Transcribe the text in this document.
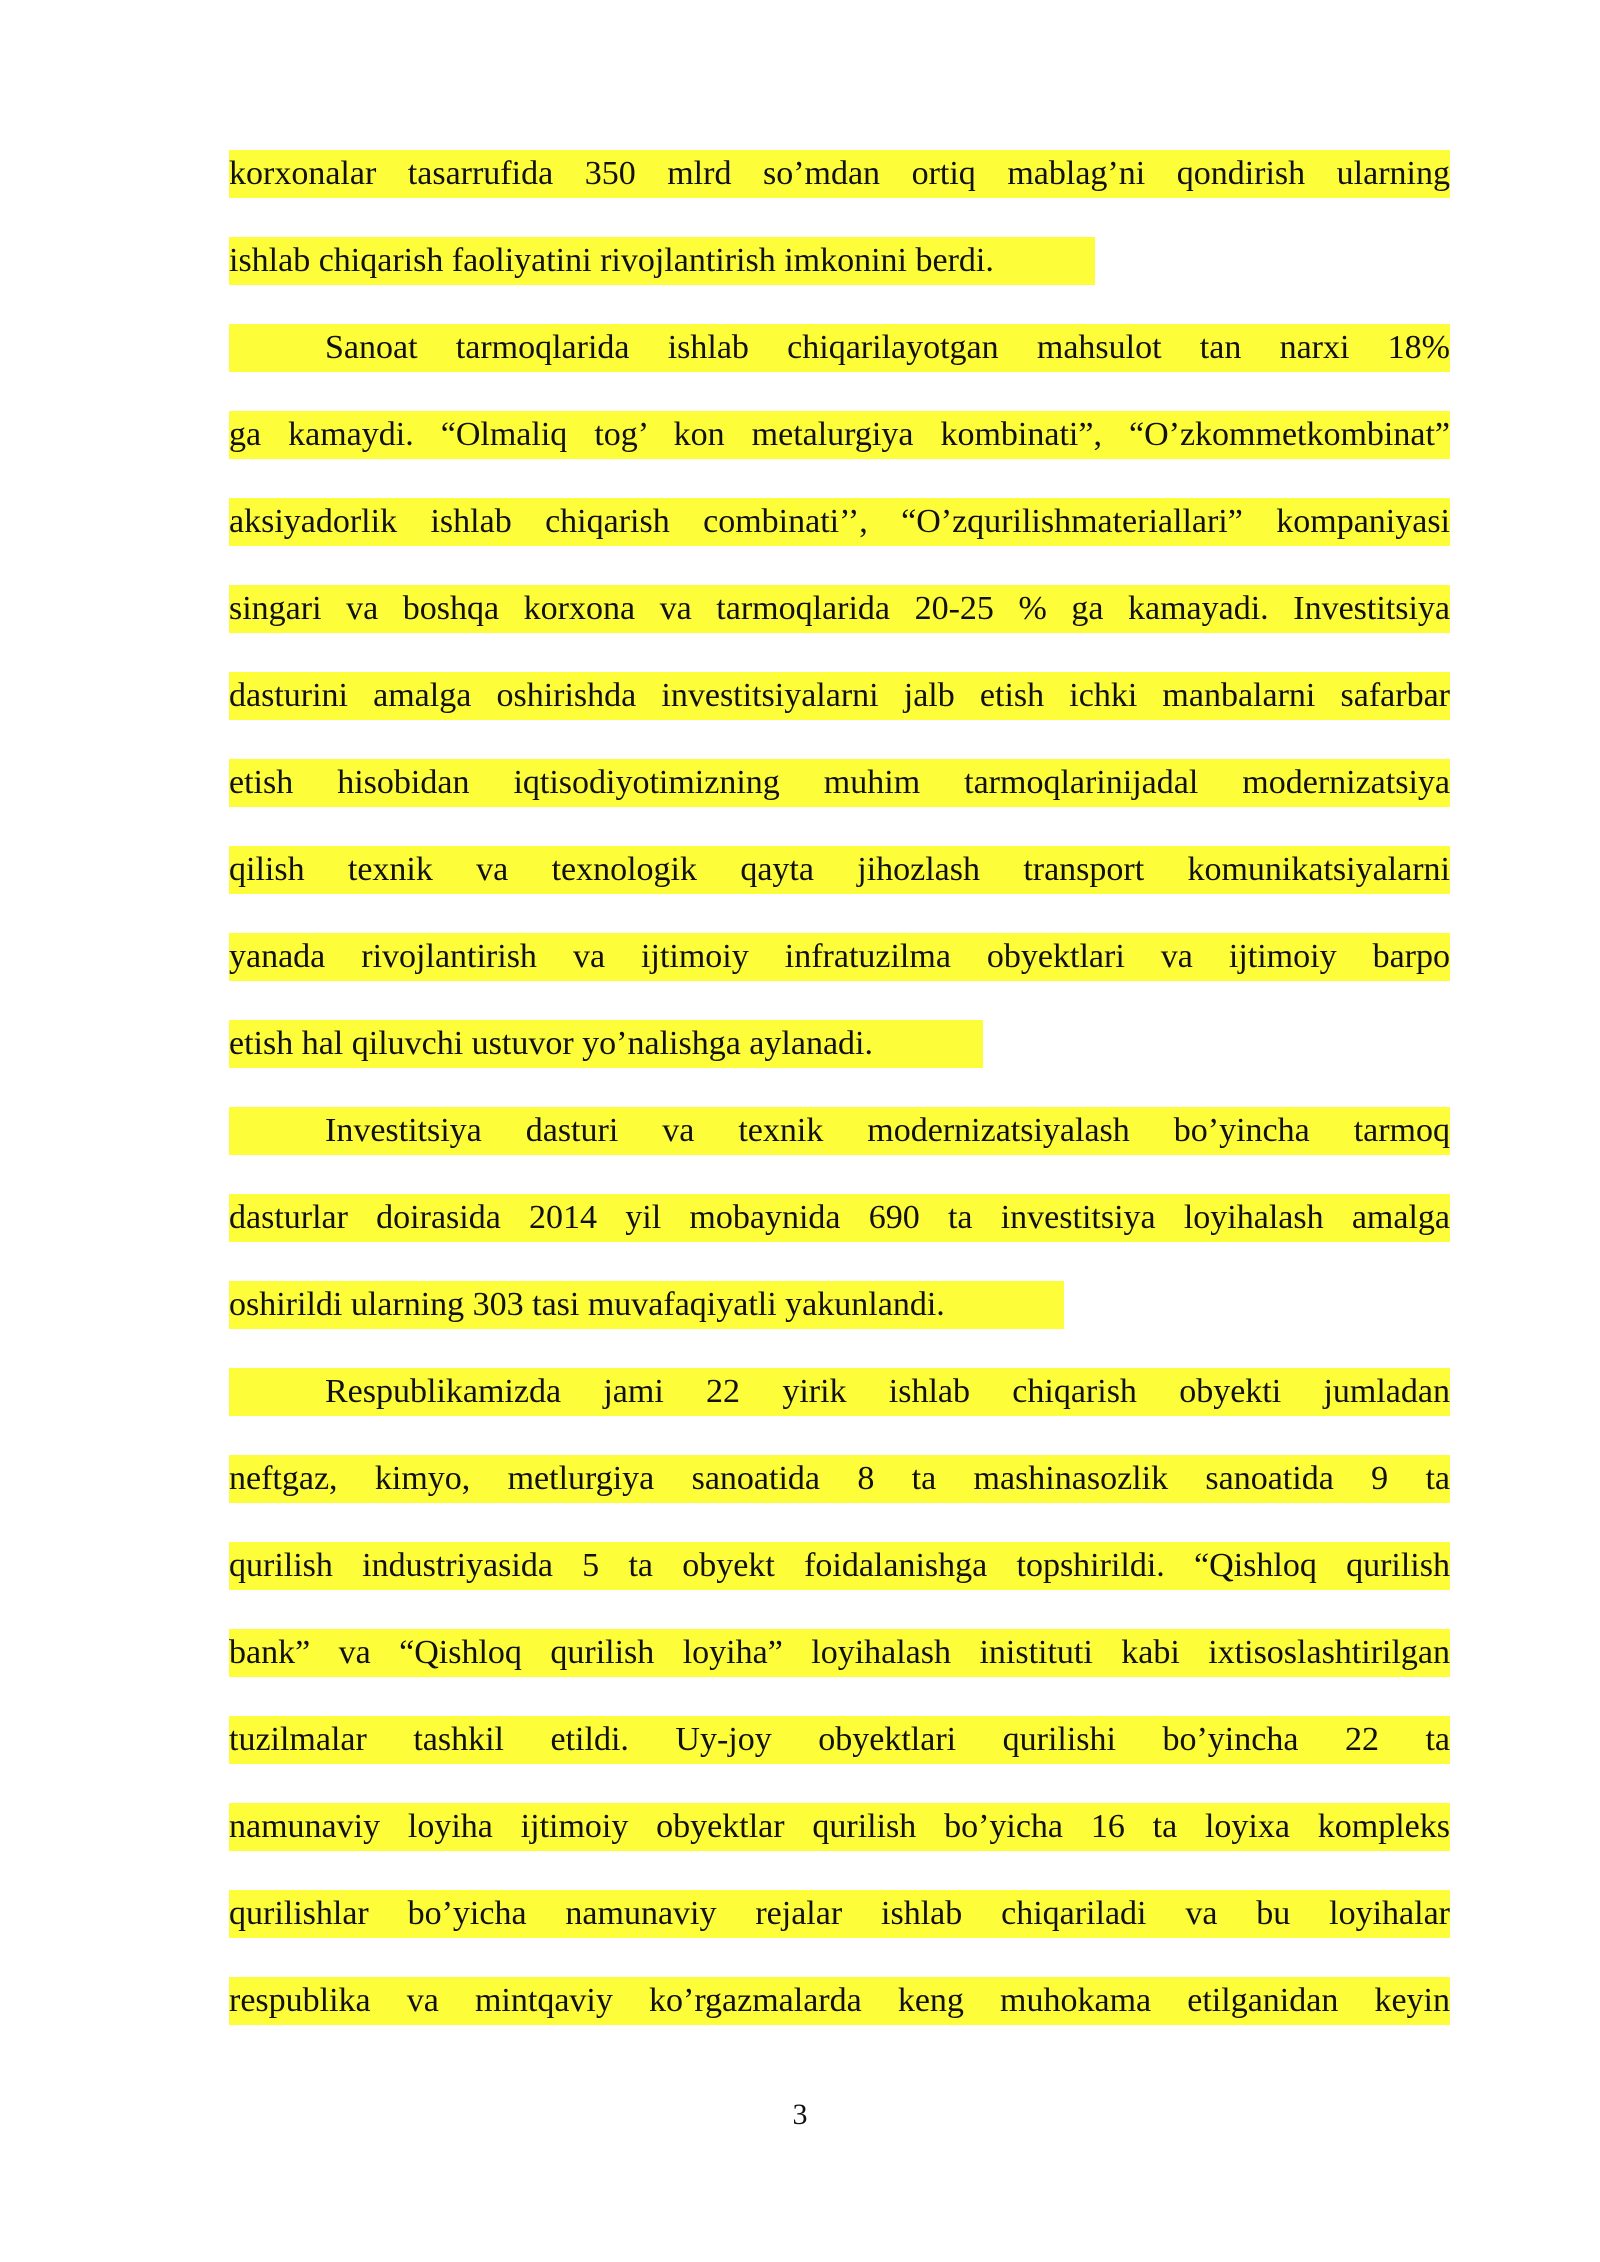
korxonalar tasarrufida 350 mlrd so’mdan ortiq mablag’ni qondirish ularning
ishlab chiqarish faoliyatini rivojlantirish imkonini berdi.
Sanoat tarmoqlarida ishlab chiqarilayotgan mahsulot tan narxi 18%
ga kamaydi. “Olmaliq tog’ kon metalurgiya kombinati”, “O’zkommetkombinat”
aksiyadorlik ishlab chiqarish combinati’’, “O’zqurilishmateriallari” kompaniyasi
singari va boshqa korxona va tarmoqlarida 20-25 % ga kamayadi. Investitsiya
dasturini amalga oshirishda investitsiyalarni jalb etish ichki manbalarni safarbar
etish hisobidan iqtisodiyotimizning muhim tarmoqlarinijadal modernizatsiya
qilish texnik va texnologik qayta jihozlash transport komunikatsiyalarni
yanada rivojlantirish va ijtimoiy infratuzilma obyektlari va ijtimoiy barpo
etish hal qiluvchi ustuvor yo’nalishga aylanadi.
Investitsiya dasturi va texnik modernizatsiyalash bo’yincha tarmoq
dasturlar doirasida 2014 yil mobaynida 690 ta investitsiya loyihalash amalga
oshirildi ularning 303 tasi muvafaqiyatli yakunlandi.
Respublikamizda jami 22 yirik ishlab chiqarish obyekti jumladan
neftgaz, kimyo, metlurgiya sanoatida 8 ta mashinasozlik sanoatida 9 ta
qurilish industriyasida 5 ta obyekt foidalanishga topshirildi. “Qishloq qurilish
bank” va “Qishloq qurilish loyiha” loyihalash inistituti kabi ixtisoslashtirilgan
tuzilmalar tashkil etildi. Uy-joy obyektlari qurilishi bo’yincha 22 ta
namunaviy loyiha ijtimoiy obyektlar qurilish bo’yicha 16 ta loyixa kompleks
qurilishlar bo’yicha namunaviy rejalar ishlab chiqariladi va bu loyihalar
respublika va mintqaviy ko’rgazmalarda keng muhokama etilganidan keyin
3
